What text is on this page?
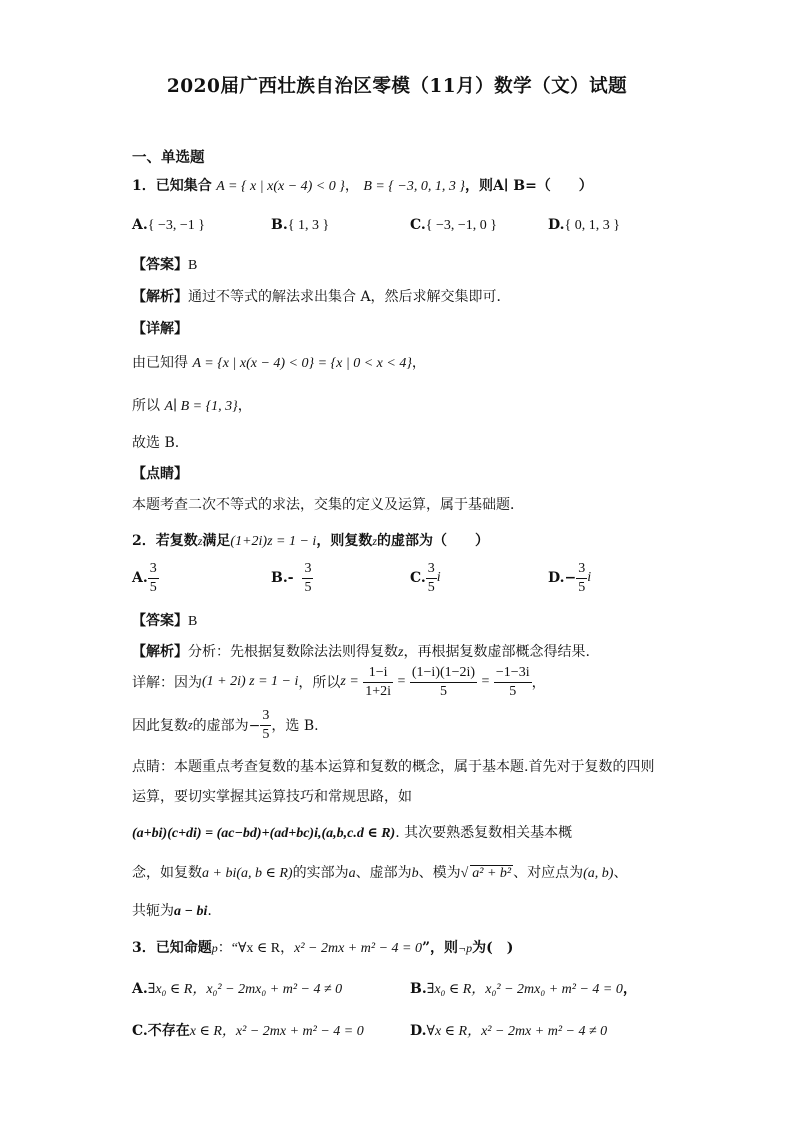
2020届广西壮族自治区零模（11月）数学（文）试题
一、单选题
1．已知集合 A = { x | x(x − 4) < 0 }， B = { −3, 0, 1, 3 }，则A∣ B=（　　）
A.{ −3, −1 }	B.{ 1, 3 }	C.{ −3, −1, 0 }	D.{ 0, 1, 3 }
【答案】B
【解析】通过不等式的解法求出集合 A，然后求解交集即可．
【详解】
由已知得 A = {x | x(x − 4) < 0} = {x | 0 < x < 4}，
所以 A∣ B = {1, 3}，
故选 B.
【点睛】
本题考查二次不等式的求法，交集的定义及运算，属于基础题．
2．若复数z满足(1+2i)z = 1 − i，则复数z的虚部为（　　）
A. $\frac{3}{5}$	$B.- \frac{3}{5}$	C. $\frac{3}{5}$ i	$D.- \frac{3}{5}$ i
【答案】B
【解析】分析：先根据复数除法法则得复数z，再根据复数虚部概念得结果.
详解：因为(1 + 2i) z = 1 − i，所以$z = \frac{1-i}{1+2i} = \frac{(1-i)(1-2i)}{5} = \frac{-1-3i}{5}$ ，
因此复数z的虚部为− $\frac{3}{5}$ ，选 B.
点睛：本题重点考查复数的基本运算和复数的概念，属于基本题.首先对于复数的四则
运算，要切实掌握其运算技巧和常规思路，如
(a+bi)(c+di) = (ac−bd)+(ad+bc)i,(a,b,c.d ∈ R). 其次要熟悉复数相关基本概
念，如复数a + bi(a, b ∈ R)的实部为a、虚部为b、模为√ a² + b² 、对应点为(a, b)、
共轭为a − bi.
3．已知命题p：“∀x ∈ R，x² − 2mx + m² − 4 = 0”，则¬p为(　)
A.∃x₀ ∈ R，x₀² − 2mx₀ + m² − 4 ≠ 0	B.∃x₀ ∈ R，x₀² − 2mx₀ + m² − 4 = 0，
C.不存在x ∈ R，x² − 2mx + m² − 4 = 0	D.∀x ∈ R，x² − 2mx + m² − 4 ≠ 0
